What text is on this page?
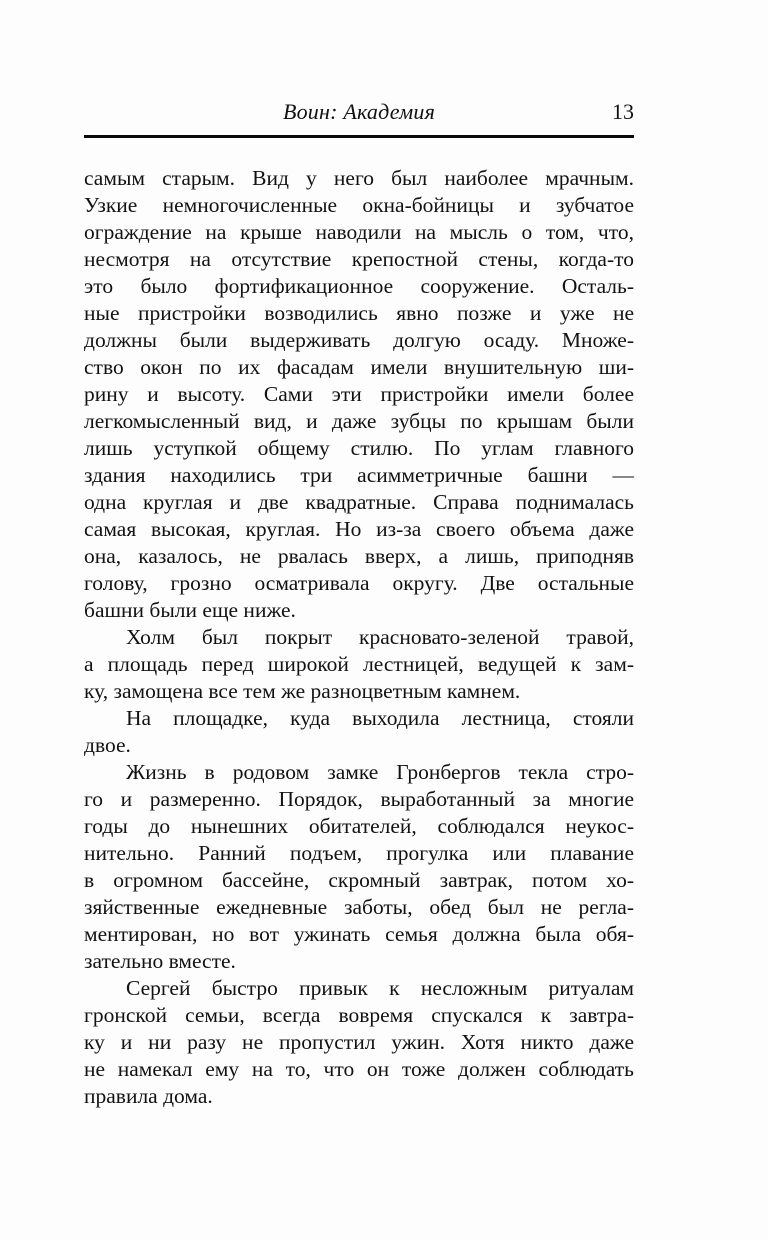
Воин: Академия	13
самым старым. Вид у него был наиболее мрачным.
Узкие немногочисленные окна-бойницы и зубчатое
ограждение на крыше наводили на мысль о том, что,
несмотря на отсутствие крепостной стены, когда-то
это было фортификационное сооружение. Осталь-
ные пристройки возводились явно позже и уже не
должны были выдерживать долгую осаду. Множе-
ство окон по их фасадам имели внушительную ши-
рину и высоту. Сами эти пристройки имели более
легкомысленный вид, и даже зубцы по крышам были
лишь уступкой общему стилю. По углам главного
здания находились три асимметричные башни —
одна круглая и две квадратные. Справа поднималась
самая высокая, круглая. Но из-за своего объема даже
она, казалось, не рвалась вверх, а лишь, приподняв
голову, грозно осматривала округу. Две остальные
башни были еще ниже.
Холм был покрыт красновато-зеленой травой,
а площадь перед широкой лестницей, ведущей к зам-
ку, замощена все тем же разноцветным камнем.
На площадке, куда выходила лестница, стояли
двое.
Жизнь в родовом замке Гронбергов текла стро-
го и размеренно. Порядок, выработанный за многие
годы до нынешних обитателей, соблюдался неукос-
нительно. Ранний подъем, прогулка или плавание
в огромном бассейне, скромный завтрак, потом хо-
зяйственные ежедневные заботы, обед был не регла-
ментирован, но вот ужинать семья должна была обя-
зательно вместе.
Сергей быстро привык к несложным ритуалам
гронской семьи, всегда вовремя спускался к завтра-
ку и ни разу не пропустил ужин. Хотя никто даже
не намекал ему на то, что он тоже должен соблюдать
правила дома.
